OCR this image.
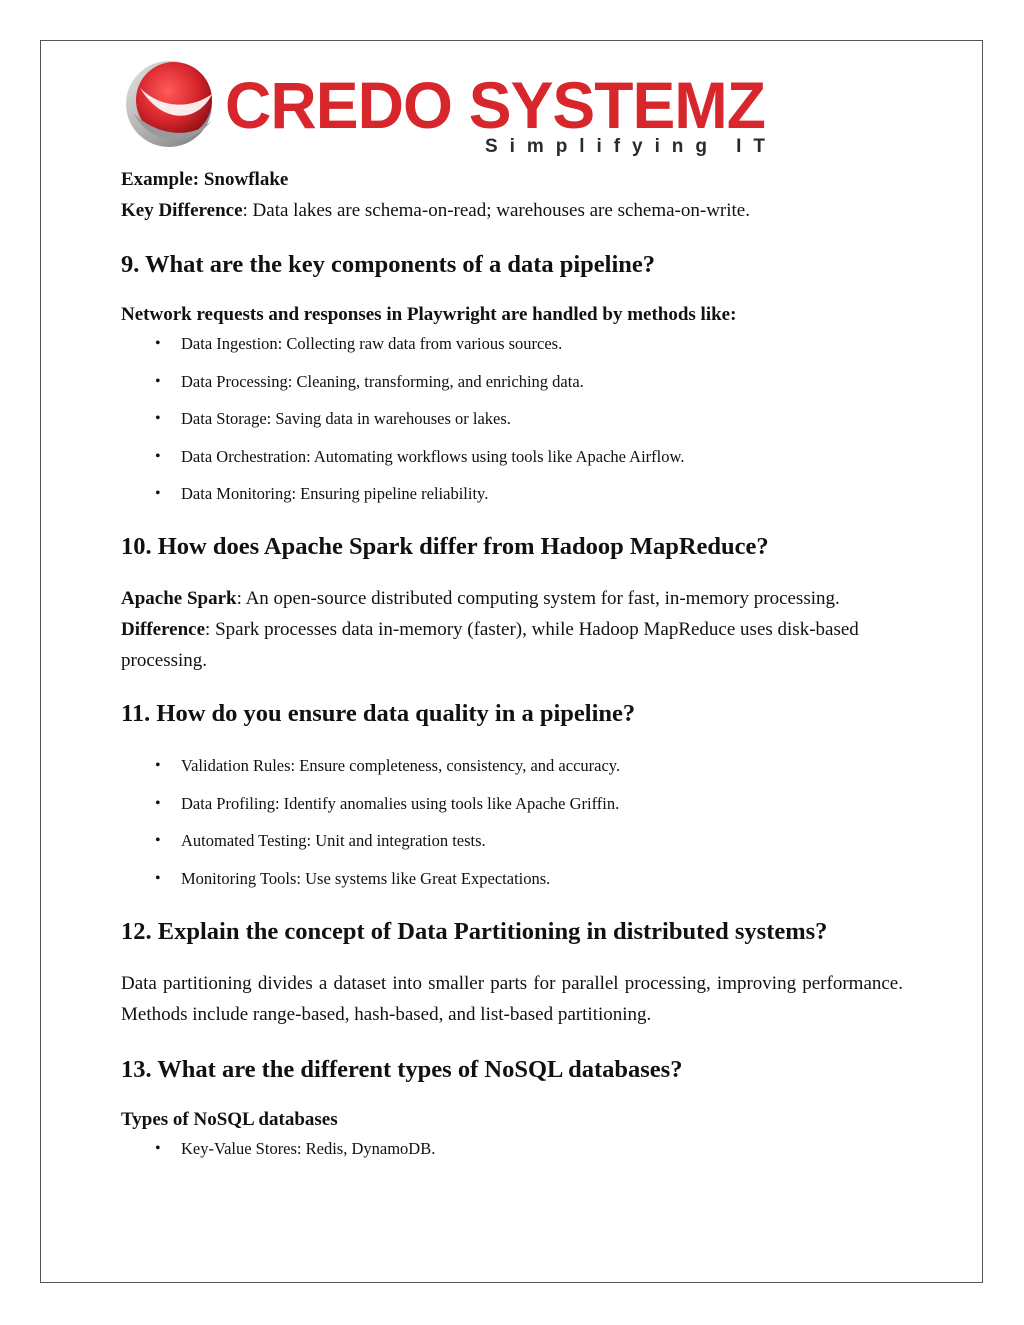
CREDO SYSTEMZ
Simplifying IT

Example: Snowflake

Key Difference: Data lakes are schema-on-read; warehouses are schema-on-write.

9. What are the key components of a data pipeline?

Network requests and responses in Playwright are handled by methods like:

• Data Ingestion: Collecting raw data from various sources.
• Data Processing: Cleaning, transforming, and enriching data.
• Data Storage: Saving data in warehouses or lakes.
• Data Orchestration: Automating workflows using tools like Apache Airflow.
• Data Monitoring: Ensuring pipeline reliability.
10. How does Apache Spark differ from Hadoop MapReduce?

Apache Spark: An open-source distributed computing system for fast, in-memory processing.

Difference: Spark processes data in-memory (faster), while Hadoop MapReduce uses disk-based processing.

11. How do you ensure data quality in a pipeline?
• Validation Rules: Ensure completeness, consistency, and accuracy.
• Data Profiling: Identify anomalies using tools like Apache Griffin.
• Automated Testing: Unit and integration tests.
• Monitoring Tools: Use systems like Great Expectations.
12. Explain the concept of Data Partitioning in distributed systems?

Data partitioning divides a dataset into smaller parts for parallel processing, improving performance. Methods include range-based, hash-based, and list-based partitioning.

13. What are the different types of NoSQL databases?

Types of NoSQL databases

• Key-Value Stores: Redis, DynamoDB.
